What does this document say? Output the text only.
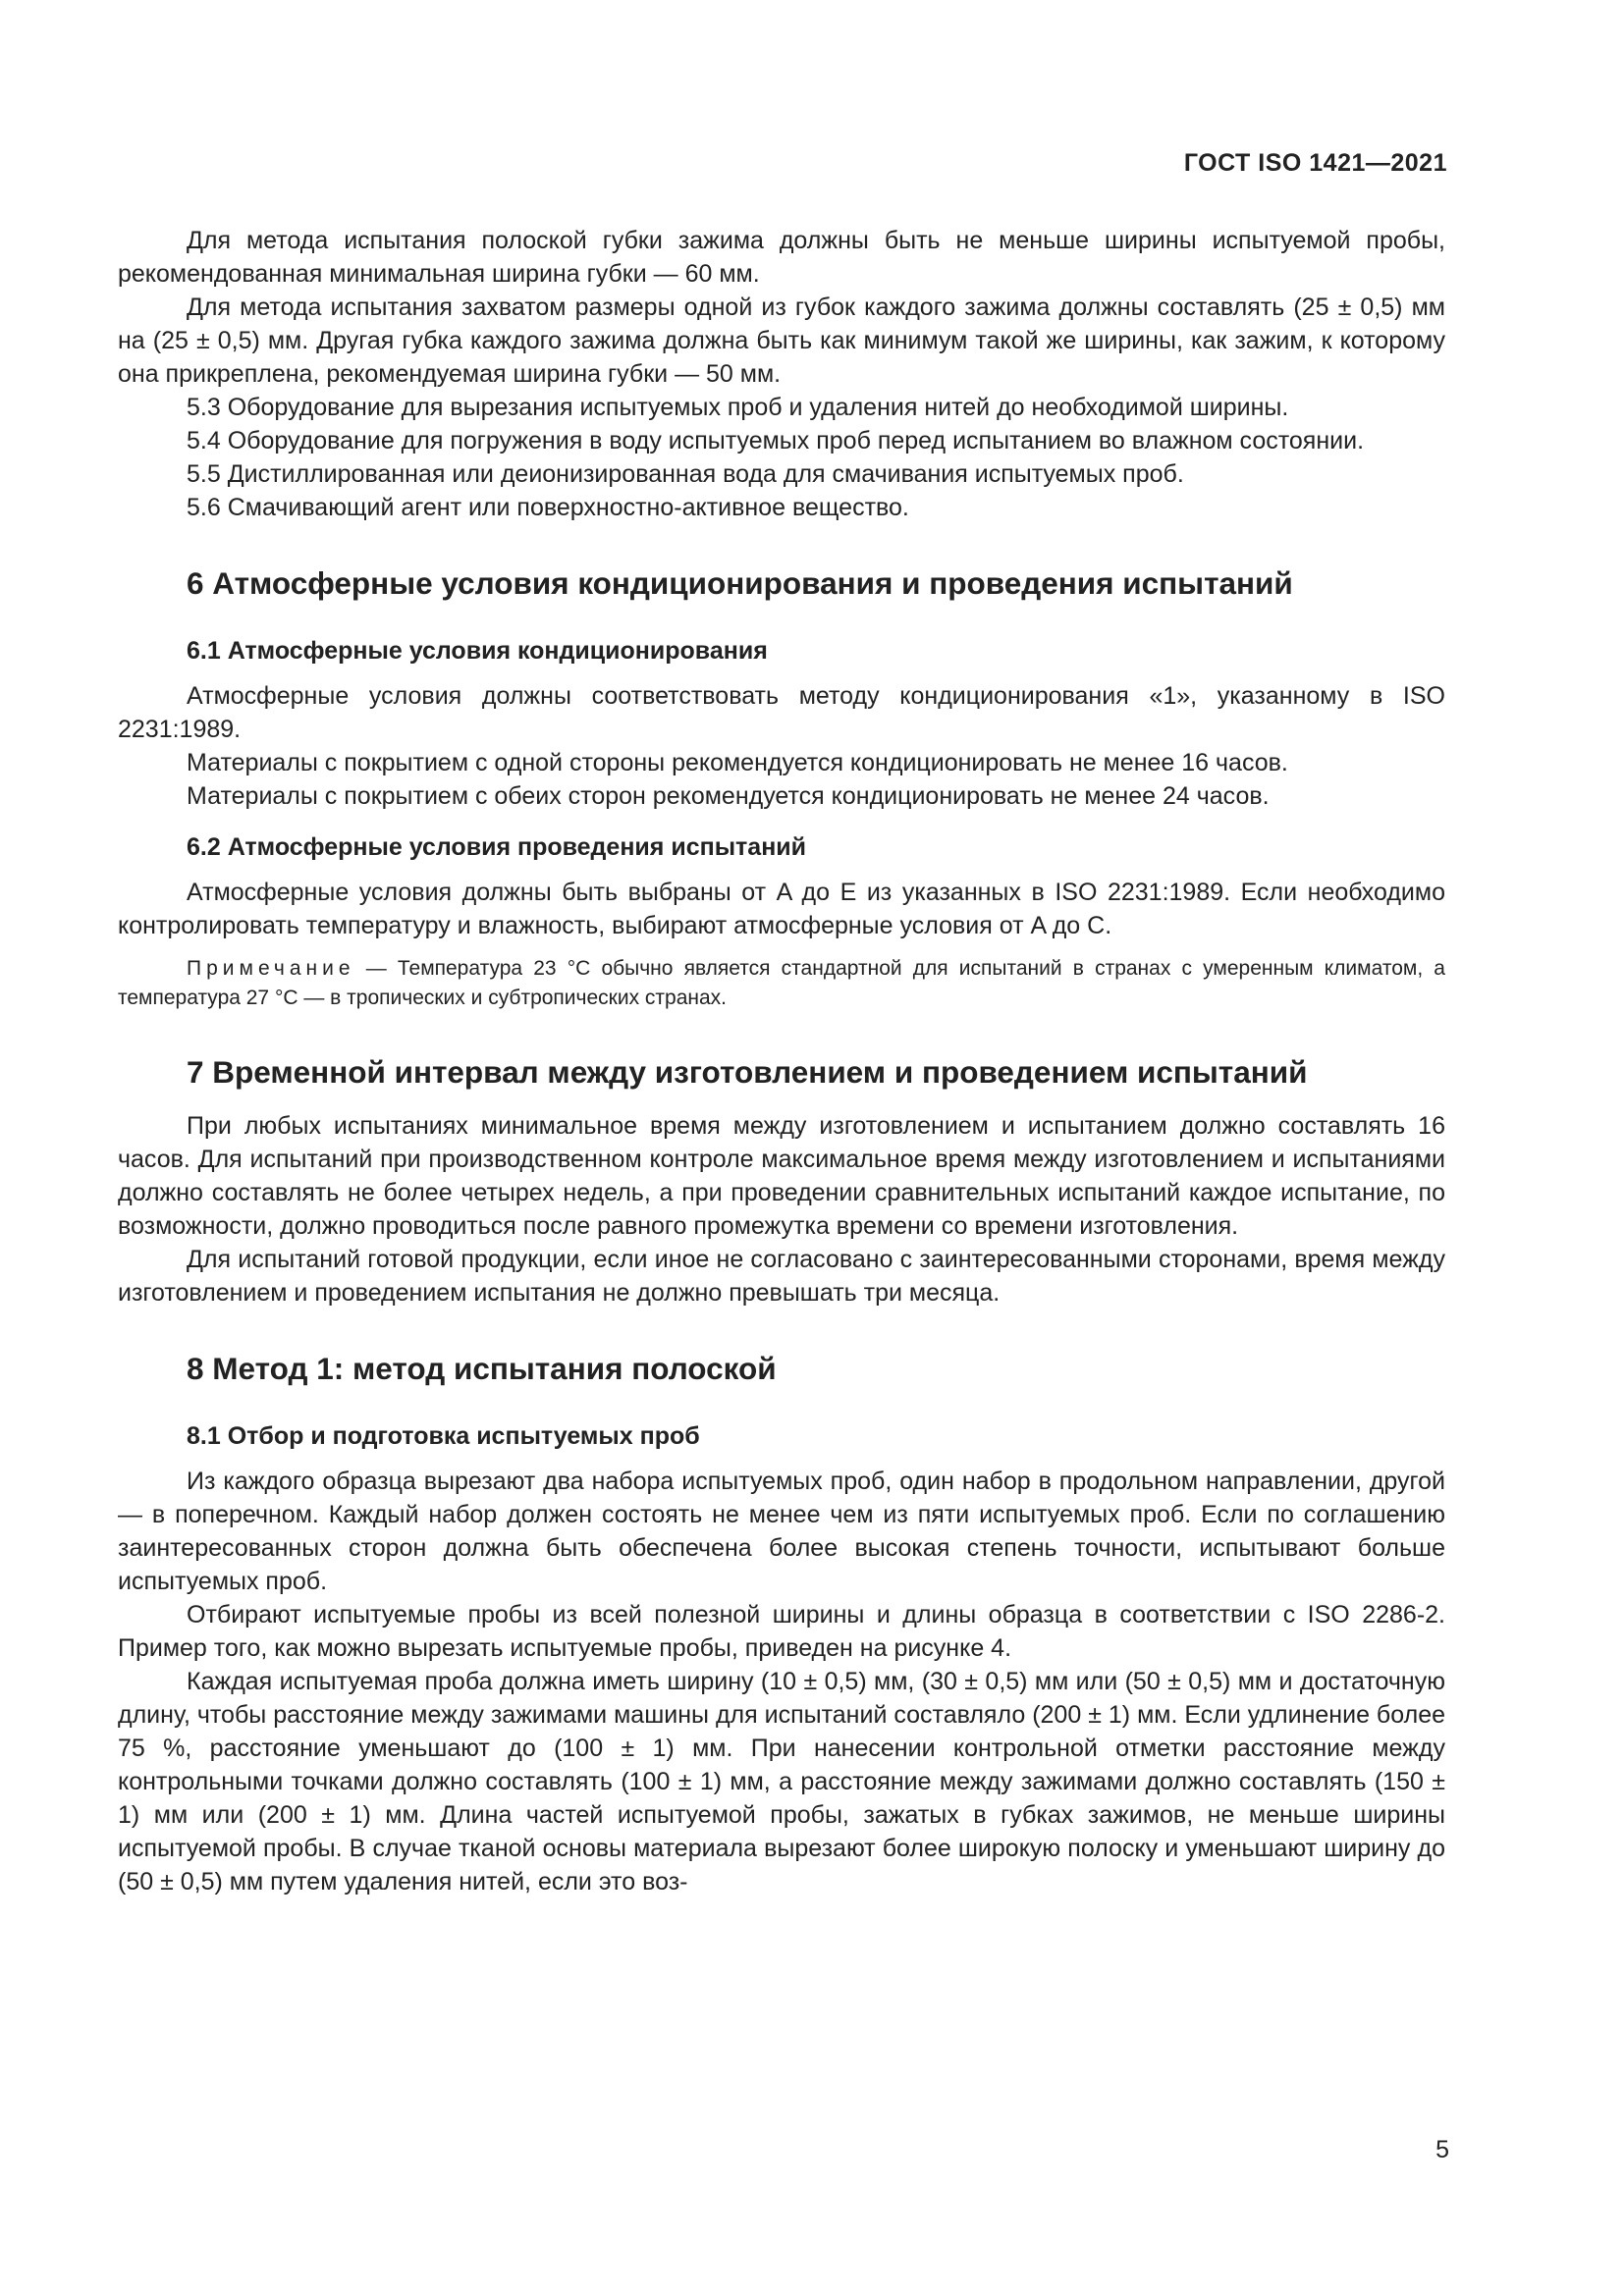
ГОСТ ISO 1421—2021

Для метода испытания полоской губки зажима должны быть не меньше ширины испытуемой пробы, рекомендованная минимальная ширина губки — 60 мм.

Для метода испытания захватом размеры одной из губок каждого зажима должны составлять (25 ± 0,5) мм на (25 ± 0,5) мм. Другая губка каждого зажима должна быть как минимум такой же ширины, как зажим, к которому она прикреплена, рекомендуемая ширина губки — 50 мм.

5.3 Оборудование для вырезания испытуемых проб и удаления нитей до необходимой ширины.

5.4 Оборудование для погружения в воду испытуемых проб перед испытанием во влажном состоянии.

5.5 Дистиллированная или деионизированная вода для смачивания испытуемых проб.

5.6 Смачивающий агент или поверхностно-активное вещество.

6 Атмосферные условия кондиционирования и проведения испытаний
6.1 Атмосферные условия кондиционирования

Атмосферные условия должны соответствовать методу кондиционирования «1», указанному в ISO 2231:1989.

Материалы с покрытием с одной стороны рекомендуется кондиционировать не менее 16 часов.

Материалы с покрытием с обеих сторон рекомендуется кондиционировать не менее 24 часов.

6.2 Атмосферные условия проведения испытаний

Атмосферные условия должны быть выбраны от A до E из указанных в ISO 2231:1989. Если необходимо контролировать температуру и влажность, выбирают атмосферные условия от A до C.

Примечание — Температура 23 °С обычно является стандартной для испытаний в странах с умеренным климатом, а температура 27 °С — в тропических и субтропических странах.

7 Временной интервал между изготовлением и проведением испытаний

При любых испытаниях минимальное время между изготовлением и испытанием должно составлять 16 часов. Для испытаний при производственном контроле максимальное время между изготовлением и испытаниями должно составлять не более четырех недель, а при проведении сравнительных испытаний каждое испытание, по возможности, должно проводиться после равного промежутка времени со времени изготовления.

Для испытаний готовой продукции, если иное не согласовано с заинтересованными сторонами, время между изготовлением и проведением испытания не должно превышать три месяца.

8 Метод 1: метод испытания полоской
8.1 Отбор и подготовка испытуемых проб

Из каждого образца вырезают два набора испытуемых проб, один набор в продольном направлении, другой — в поперечном. Каждый набор должен состоять не менее чем из пяти испытуемых проб. Если по соглашению заинтересованных сторон должна быть обеспечена более высокая степень точности, испытывают больше испытуемых проб.

Отбирают испытуемые пробы из всей полезной ширины и длины образца в соответствии с ISO 2286-2. Пример того, как можно вырезать испытуемые пробы, приведен на рисунке 4.

Каждая испытуемая проба должна иметь ширину (10 ± 0,5) мм, (30 ± 0,5) мм или (50 ± 0,5) мм и достаточную длину, чтобы расстояние между зажимами машины для испытаний составляло (200 ± 1) мм. Если удлинение более 75 %, расстояние уменьшают до (100 ± 1) мм. При нанесении контрольной отметки расстояние между контрольными точками должно составлять (100 ± 1) мм, а расстояние между зажимами должно составлять (150 ± 1) мм или (200 ± 1) мм. Длина частей испытуемой пробы, зажатых в губках зажимов, не меньше ширины испытуемой пробы. В случае тканой основы материала вырезают более широкую полоску и уменьшают ширину до (50 ± 0,5) мм путем удаления нитей, если это воз-

5
